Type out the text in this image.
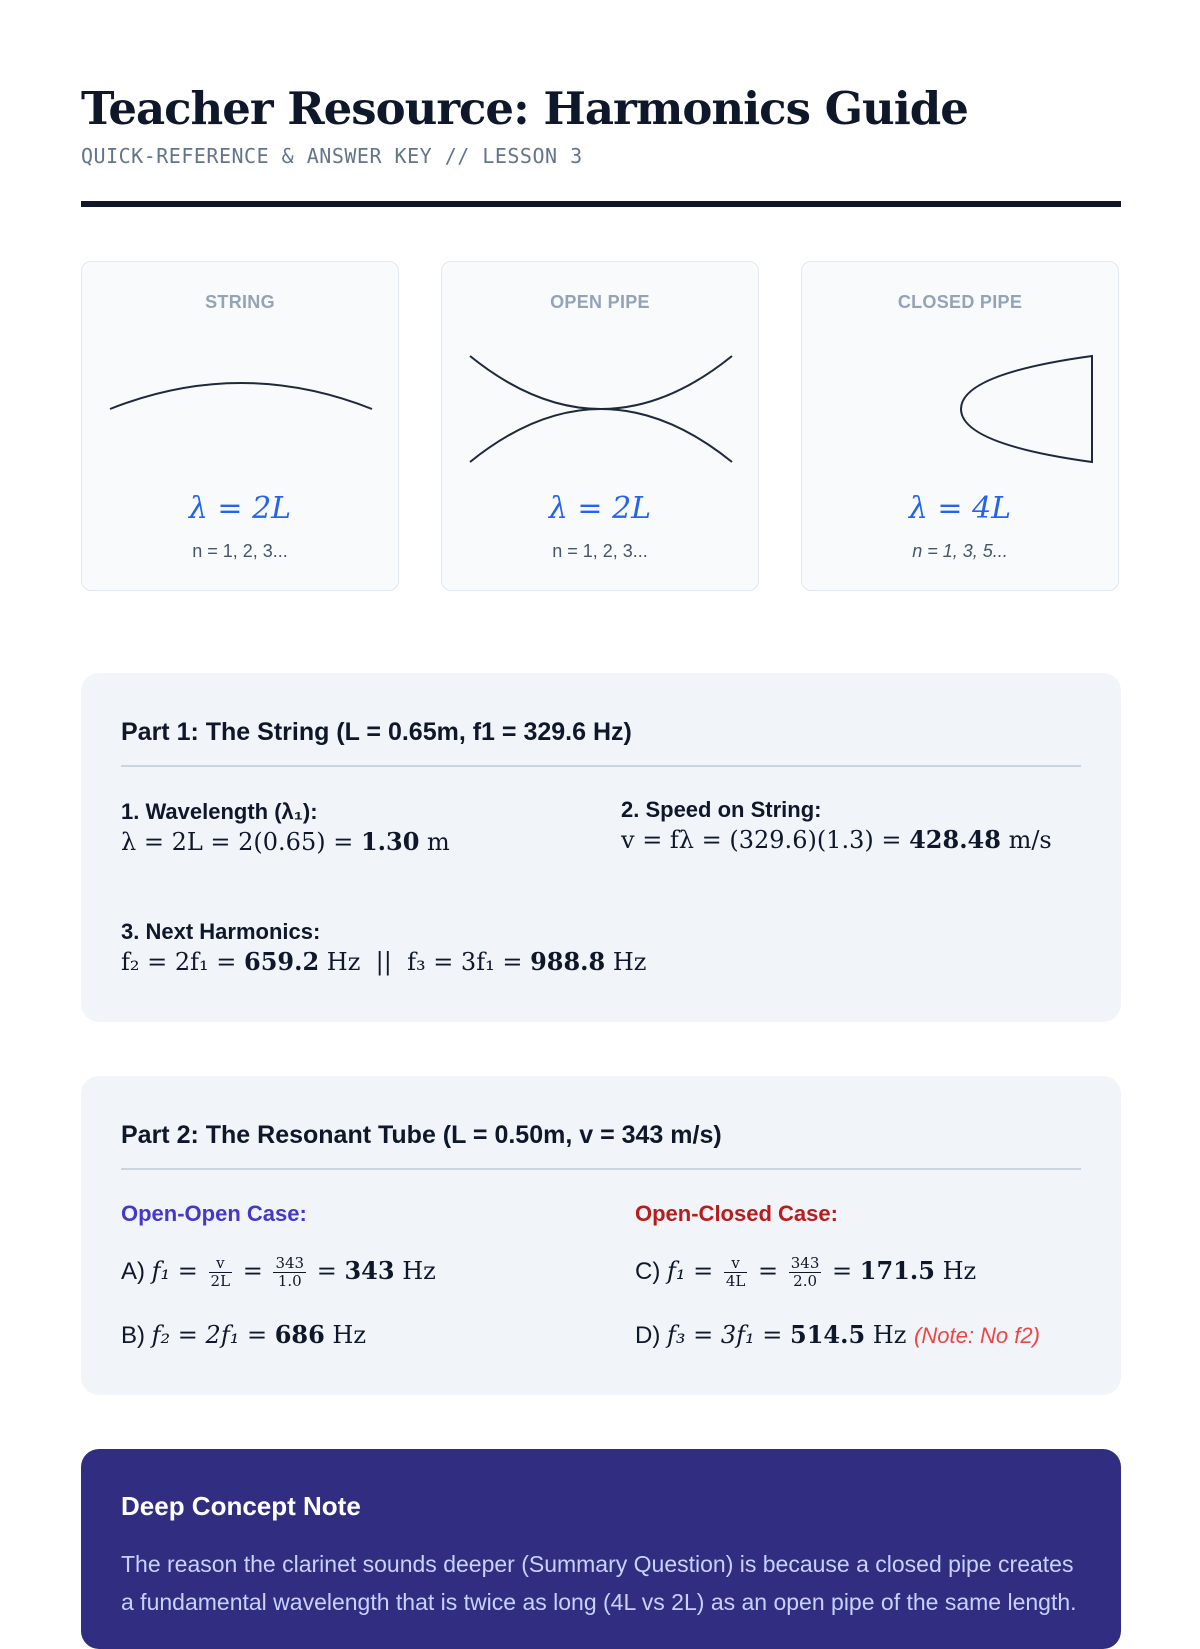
Teacher Resource: Harmonics Guide
QUICK-REFERENCE & ANSWER KEY // LESSON 3
STRING
λ = 2L
n = 1, 2, 3...
OPEN PIPE
λ = 2L
n = 1, 2, 3...
CLOSED PIPE
λ = 4L
n = 1, 3, 5...
Part 1: The String (L = 0.65m, f1 = 329.6 Hz)
1. Wavelength (λ₁):
λ = 2L = 2(0.65) = 1.30 m
2. Speed on String:
v = fλ = (329.6)(1.3) = 428.48 m/s
3. Next Harmonics:
f₂ = 2f₁ = 659.2 Hz  ||  f₃ = 3f₁ = 988.8 Hz
Part 2: The Resonant Tube (L = 0.50m, v = 343 m/s)
Open-Open Case:	Open-Closed Case:
A) $f_1 = \frac{v}{2L} = \frac{343}{1.0} = 343$ Hz
B) f₂ = 2f₁ = 686 Hz
C) $f_1 = \frac{v}{4L} = \frac{343}{2.0} = 171.5$ Hz
D) f₃ = 3f₁ = 514.5 Hz (Note: No f2)
Deep Concept Note
The reason the clarinet sounds deeper (Summary Question) is because a closed pipe creates a fundamental wavelength that is twice as long (4L vs 2L) as an open pipe of the same length.
